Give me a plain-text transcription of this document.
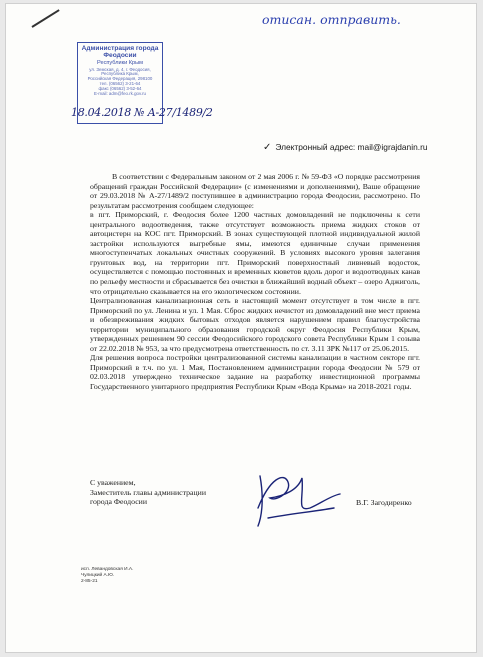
отисан. отправить.
Администрация города Феодосии
Республики Крым
ул. Земская, д. 4, г. Феодосия,
Республика Крым,
Российская Федерация, 298100
тел. (06562) 3-21-64
факс (06562) 3-52-64
E-mail: adm@feo.rk.gov.ru
18.04.2018 № А-27/1489/2
✓ Электронный адрес: mail@igrajdanin.ru

В соответствии с Федеральным законом от 2 мая 2006 г. № 59-ФЗ «О порядке рассмотрения обращений граждан Российской Федерации» (с изменениями и дополнениями), Ваше обращение от 29.03.2018 № А-27/1489/2 поступившее в администрацию города Феодосии, рассмотрено. По результатам рассмотрения сообщаем следующее:

в пгт. Приморский, г. Феодосия более 1200 частных домовладений не подключены к сети центрального водоотведения, также отсутствует возможность приема жидких стоков от автоцистерн на КОС пгт. Приморский. В зонах существующей плотной индивидуальной жилой застройки используются выгребные ямы, имеются единичные случаи применения многоступенчатых локальных очистных сооружений. В условиях высокого уровня залегания грунтовых вод, на территории пгт. Приморский поверхностный ливневый водосток, осуществляется с помощью постоянных и временных кюветов вдоль дорог и водоотводных канав по рельефу местности и сбрасывается без очистки в ближайший водный объект – озеро Аджиголь, что отрицательно сказывается на его экологическом состоянии.

Централизованная канализационная сеть в настоящий момент отсутствует в том числе в пгт. Приморский по ул. Ленина и ул. 1 Мая. Сброс жидких нечистот из домовладений вне мест приема и обезвреживания жидких бытовых отходов является нарушением правил благоустройства территории муниципального образования городской округ Феодосия Республики Крым, утвержденных решением 90 сессии Феодосийского городского совета Республики Крым 1 созыва от 22.02.2018 № 953, за что предусмотрена ответственность по ст. 3.11 ЗРК №117 от 25.06.2015.

Для решения вопроса постройки централизованной системы канализации в частном секторе пгт. Приморский в т.ч. по ул. 1 Мая, Постановлением администрации города Феодосии № 579 от 02.03.2018 утверждено техническое задание на разработку инвестиционной программы Государственного унитарного предприятия Республики Крым «Вода Крыма» на 2018-2021 годы.

С уважением,
Заместитель главы администрации
города Феодосии	В.Г. Загодиренко
исп. Левандовская И.А.
Чулицкий А.Ю.
2-85-21
